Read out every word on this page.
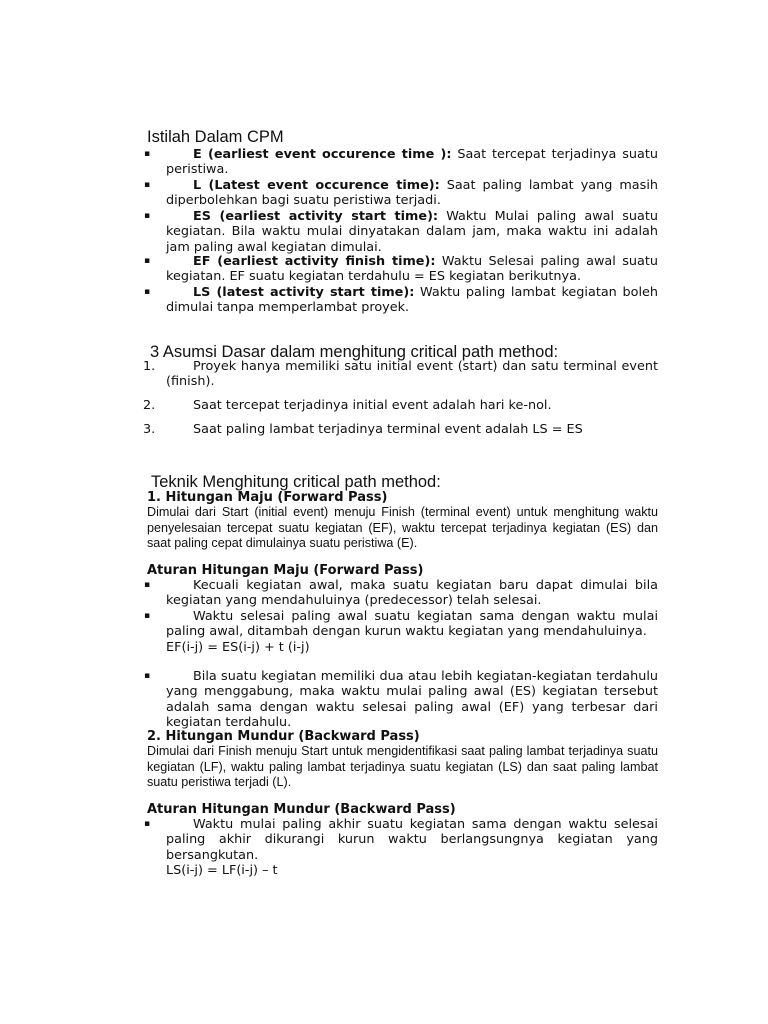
Istilah Dalam CPM
▪	E (earliest event occurence time ): Saat tercepat terjadinya suatu peristiwa.
▪	L (Latest event occurence time): Saat paling lambat yang masih diperbolehkan bagi suatu peristiwa terjadi.
▪	ES (earliest activity start time): Waktu Mulai paling awal suatu kegiatan. Bila waktu mulai dinyatakan dalam jam, maka waktu ini adalah jam paling awal kegiatan dimulai.
▪	EF (earliest activity finish time): Waktu Selesai paling awal suatu kegiatan. EF suatu kegiatan terdahulu = ES kegiatan berikutnya.
▪	LS (latest activity start time): Waktu paling lambat kegiatan boleh dimulai tanpa memperlambat proyek.
3 Asumsi Dasar dalam menghitung critical path method:
1.	Proyek hanya memiliki satu initial event (start) dan satu terminal event (finish).
2.	Saat tercepat terjadinya initial event adalah hari ke-nol.
3.	Saat paling lambat terjadinya terminal event adalah LS = ES
Teknik Menghitung critical path method:
1. Hitungan Maju (Forward Pass)
Dimulai dari Start (initial event) menuju Finish (terminal event) untuk menghitung waktu penyelesaian tercepat suatu kegiatan (EF), waktu tercepat terjadinya kegiatan (ES) dan saat paling cepat dimulainya suatu peristiwa (E).
Aturan Hitungan Maju (Forward Pass)
▪	Kecuali kegiatan awal, maka suatu kegiatan baru dapat dimulai bila kegiatan yang mendahuluinya (predecessor) telah selesai.
▪	Waktu selesai paling awal suatu kegiatan sama dengan waktu mulai paling awal, ditambah dengan kurun waktu kegiatan yang mendahuluinya.
EF(i-j) = ES(i-j) + t (i-j)
▪	Bila suatu kegiatan memiliki dua atau lebih kegiatan-kegiatan terdahulu yang menggabung, maka waktu mulai paling awal (ES) kegiatan tersebut adalah sama dengan waktu selesai paling awal (EF) yang terbesar dari kegiatan terdahulu.
2. Hitungan Mundur (Backward Pass)
Dimulai dari Finish menuju Start untuk mengidentifikasi saat paling lambat terjadinya suatu kegiatan (LF), waktu paling lambat terjadinya suatu kegiatan (LS) dan saat paling lambat suatu peristiwa terjadi (L).
Aturan Hitungan Mundur (Backward Pass)
▪	Waktu mulai paling akhir suatu kegiatan sama dengan waktu selesai paling akhir dikurangi kurun waktu berlangsungnya kegiatan yang bersangkutan.
LS(i-j) = LF(i-j) – t
